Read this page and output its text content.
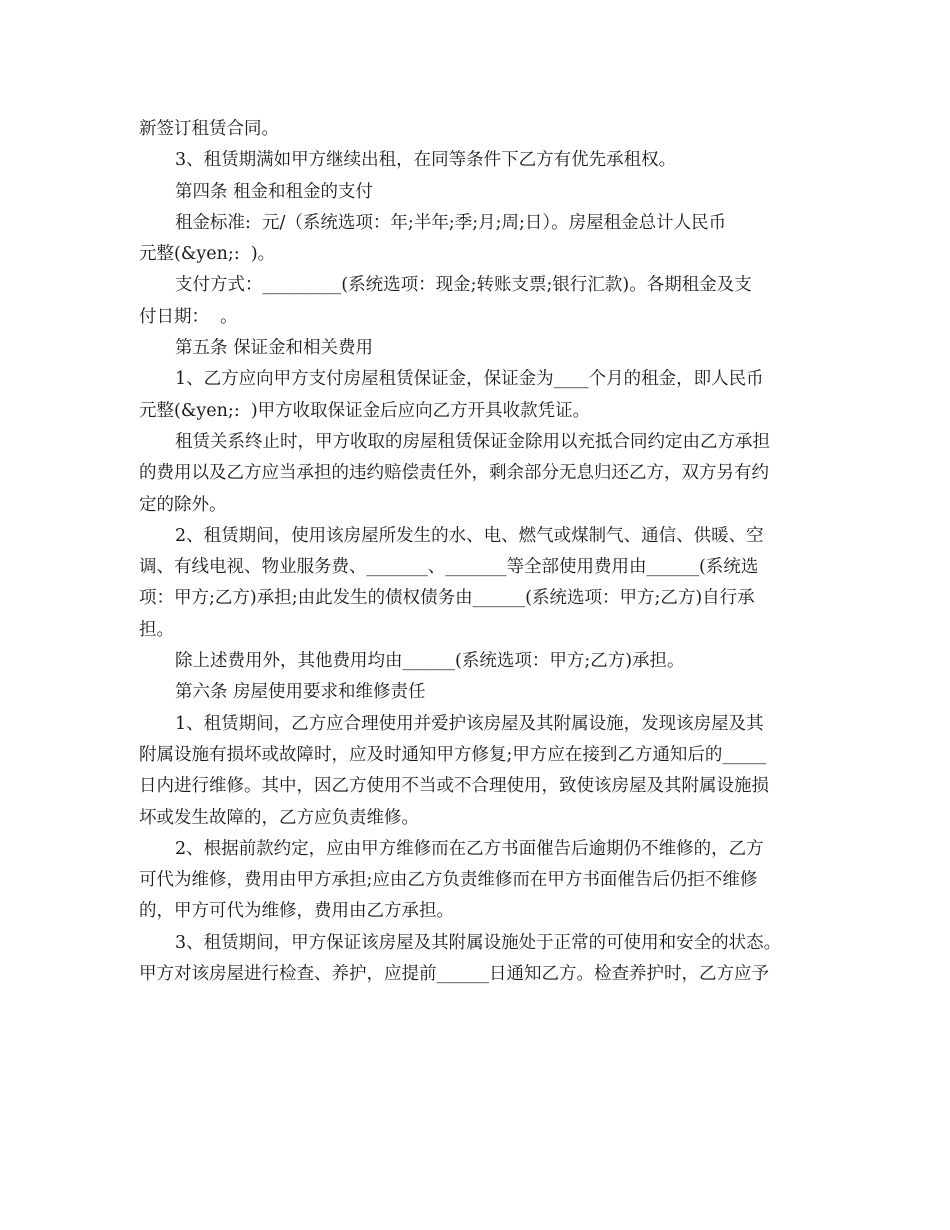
新签订租赁合同。
3、租赁期满如甲方继续出租，在同等条件下乙方有优先承租权。
第四条 租金和租金的支付
租金标准:  元/（系统选项：年;半年;季;月;周;日）。房屋租金总计人民币
元整(&yen;:  )。
支付方式：_________(系统选项：现金;转账支票;银行汇款)。各期租金及支
付日期：  。
第五条 保证金和相关费用
1、乙方应向甲方支付房屋租赁保证金，保证金为____个月的租金，即人民币
元整(&yen;:  )甲方收取保证金后应向乙方开具收款凭证。
租赁关系终止时，甲方收取的房屋租赁保证金除用以充抵合同约定由乙方承担
的费用以及乙方应当承担的违约赔偿责任外，剩余部分无息归还乙方，双方另有约
定的除外。
2、租赁期间，使用该房屋所发生的水、电、燃气或煤制气、通信、供暖、空
调、有线电视、物业服务费、_______、_______等全部使用费用由______(系统选
项：甲方;乙方)承担;由此发生的债权债务由______(系统选项：甲方;乙方)自行承
担。
除上述费用外，其他费用均由______(系统选项：甲方;乙方)承担。
第六条 房屋使用要求和维修责任
1、租赁期间，乙方应合理使用并爱护该房屋及其附属设施，发现该房屋及其
附属设施有损坏或故障时，应及时通知甲方修复;甲方应在接到乙方通知后的_____
日内进行维修。其中，因乙方使用不当或不合理使用，致使该房屋及其附属设施损
坏或发生故障的，乙方应负责维修。
2、根据前款约定，应由甲方维修而在乙方书面催告后逾期仍不维修的，乙方
可代为维修，费用由甲方承担;应由乙方负责维修而在甲方书面催告后仍拒不维修
的，甲方可代为维修，费用由乙方承担。
3、租赁期间，甲方保证该房屋及其附属设施处于正常的可使用和安全的状态。
甲方对该房屋进行检查、养护，应提前______日通知乙方。检查养护时，乙方应予
